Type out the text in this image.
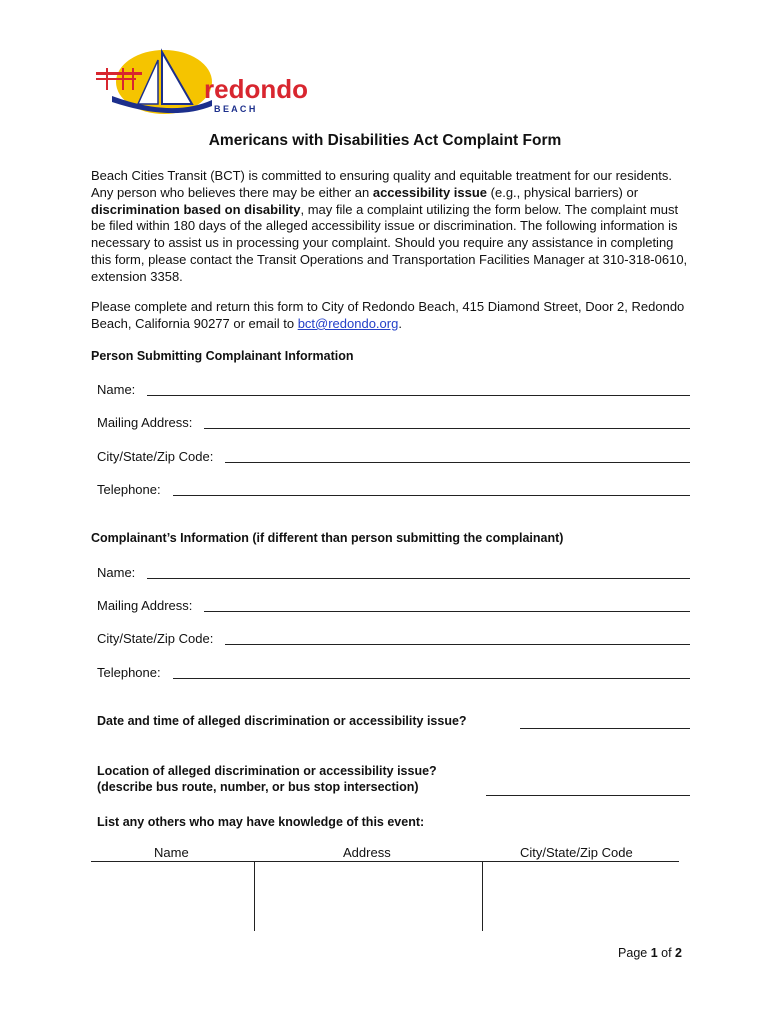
redondo
B E A C H
Americans with Disabilities Act Complaint Form
Beach Cities Transit (BCT) is committed to ensuring quality and equitable treatment for our residents. Any person who believes there may be either an accessibility issue (e.g., physical barriers) or discrimination based on disability, may file a complaint utilizing the form below. The complaint must be filed within 180 days of the alleged accessibility issue or discrimination. The following information is necessary to assist us in processing your complaint. Should you require any assistance in completing this form, please contact the Transit Operations and Transportation Facilities Manager at 310-318-0610, extension 3358.
Please complete and return this form to City of Redondo Beach, 415 Diamond Street, Door 2, Redondo Beach, California 90277 or email to bct@redondo.org.
Person Submitting Complainant Information
Name:
Mailing Address:
City/State/Zip Code:
Telephone:
Complainant’s Information (if different than person submitting the complainant)
Name:
Mailing Address:
City/State/Zip Code:
Telephone:
Date and time of alleged discrimination or accessibility issue?
Location of alleged discrimination or accessibility issue?
(describe bus route, number, or bus stop intersection)
List any others who may have knowledge of this event:
Name	Address	City/State/Zip Code
Page 1 of 2
